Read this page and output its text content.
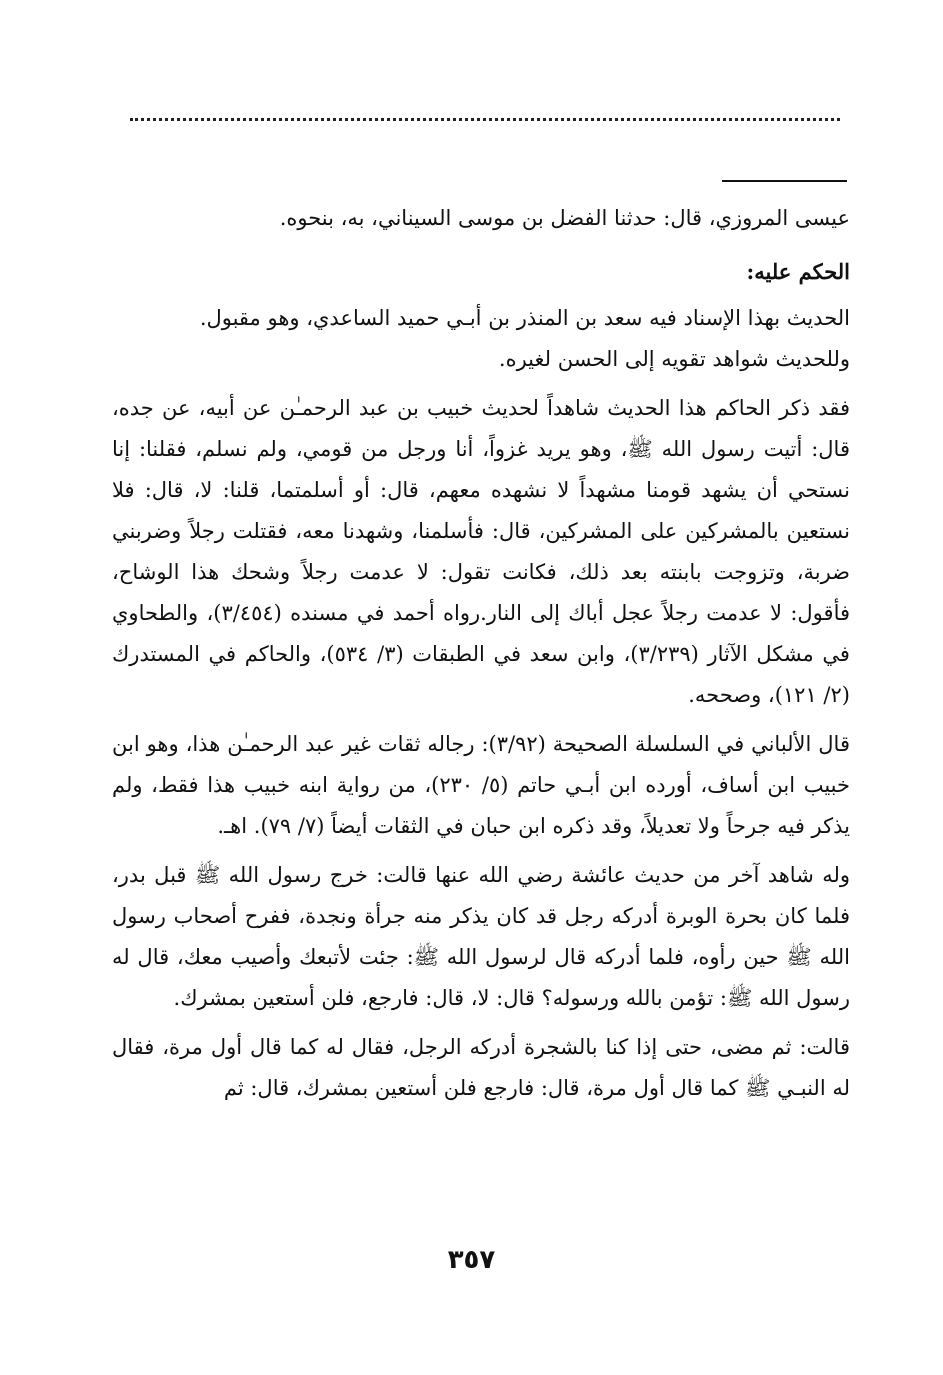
عيسى المروزي، قال: حدثنا الفضل بن موسى السيناني، به، بنحوه.

الحكم عليه:

الحديث بهذا الإسناد فيه سعد بن المنذر بن أبـي حميد الساعدي، وهو مقبول.

وللحديث شواهد تقويه إلى الحسن لغيره.

فقد ذكر الحاكم هذا الحديث شاهداً لحديث خبيب بن عبد الرحمـٰن عن أبيه، عن جده، قال: أتيت رسول الله ﷺ، وهو يريد غزواً، أنا ورجل من قومي، ولم نسلم، فقلنا: إنا نستحي أن يشهد قومنا مشهداً لا نشهده معهم، قال: أو أسلمتما، قلنا: لا، قال: فلا نستعين بالمشركين على المشركين، قال: فأسلمنا، وشهدنا معه، فقتلت رجلاً وضربني ضربة، وتزوجت بابنته بعد ذلك، فكانت تقول: لا عدمت رجلاً وشحك هذا الوشاح، فأقول: لا عدمت رجلاً عجل أباك إلى النار.رواه أحمد في مسنده (٣/٤٥٤)، والطحاوي في مشكل الآثار (٣/٢٣٩)، وابن سعد في الطبقات (٣/ ٥٣٤)، والحاكم في المستدرك (٢/ ١٢١)، وصححه.

قال الألباني في السلسلة الصحيحة (٣/٩٢): رجاله ثقات غير عبد الرحمـٰن هذا، وهو ابن خبيب ابن أساف، أورده ابن أبـي حاتم (٥/ ٢٣٠)، من رواية ابنه خبيب هذا فقط، ولم يذكر فيه جرحاً ولا تعديلاً، وقد ذكره ابن حبان في الثقات أيضاً (٧/ ٧٩). اهـ.

وله شاهد آخر من حديث عائشة رضي الله عنها قالت: خرج رسول الله ﷺ قبل بدر، فلما كان بحرة الوبرة أدركه رجل قد كان يذكر منه جرأة ونجدة، ففرح أصحاب رسول الله ﷺ حين رأوه، فلما أدركه قال لرسول الله ﷺ: جئت لأتبعك وأصيب معك، قال له رسول الله ﷺ: تؤمن بالله ورسوله؟ قال: لا، قال: فارجع، فلن أستعين بمشرك.

قالت: ثم مضى، حتى إذا كنا بالشجرة أدركه الرجل، فقال له كما قال أول مرة، فقال له النبـي ﷺ كما قال أول مرة، قال: فارجع فلن أستعين بمشرك، قال: ثم

٣٥٧
